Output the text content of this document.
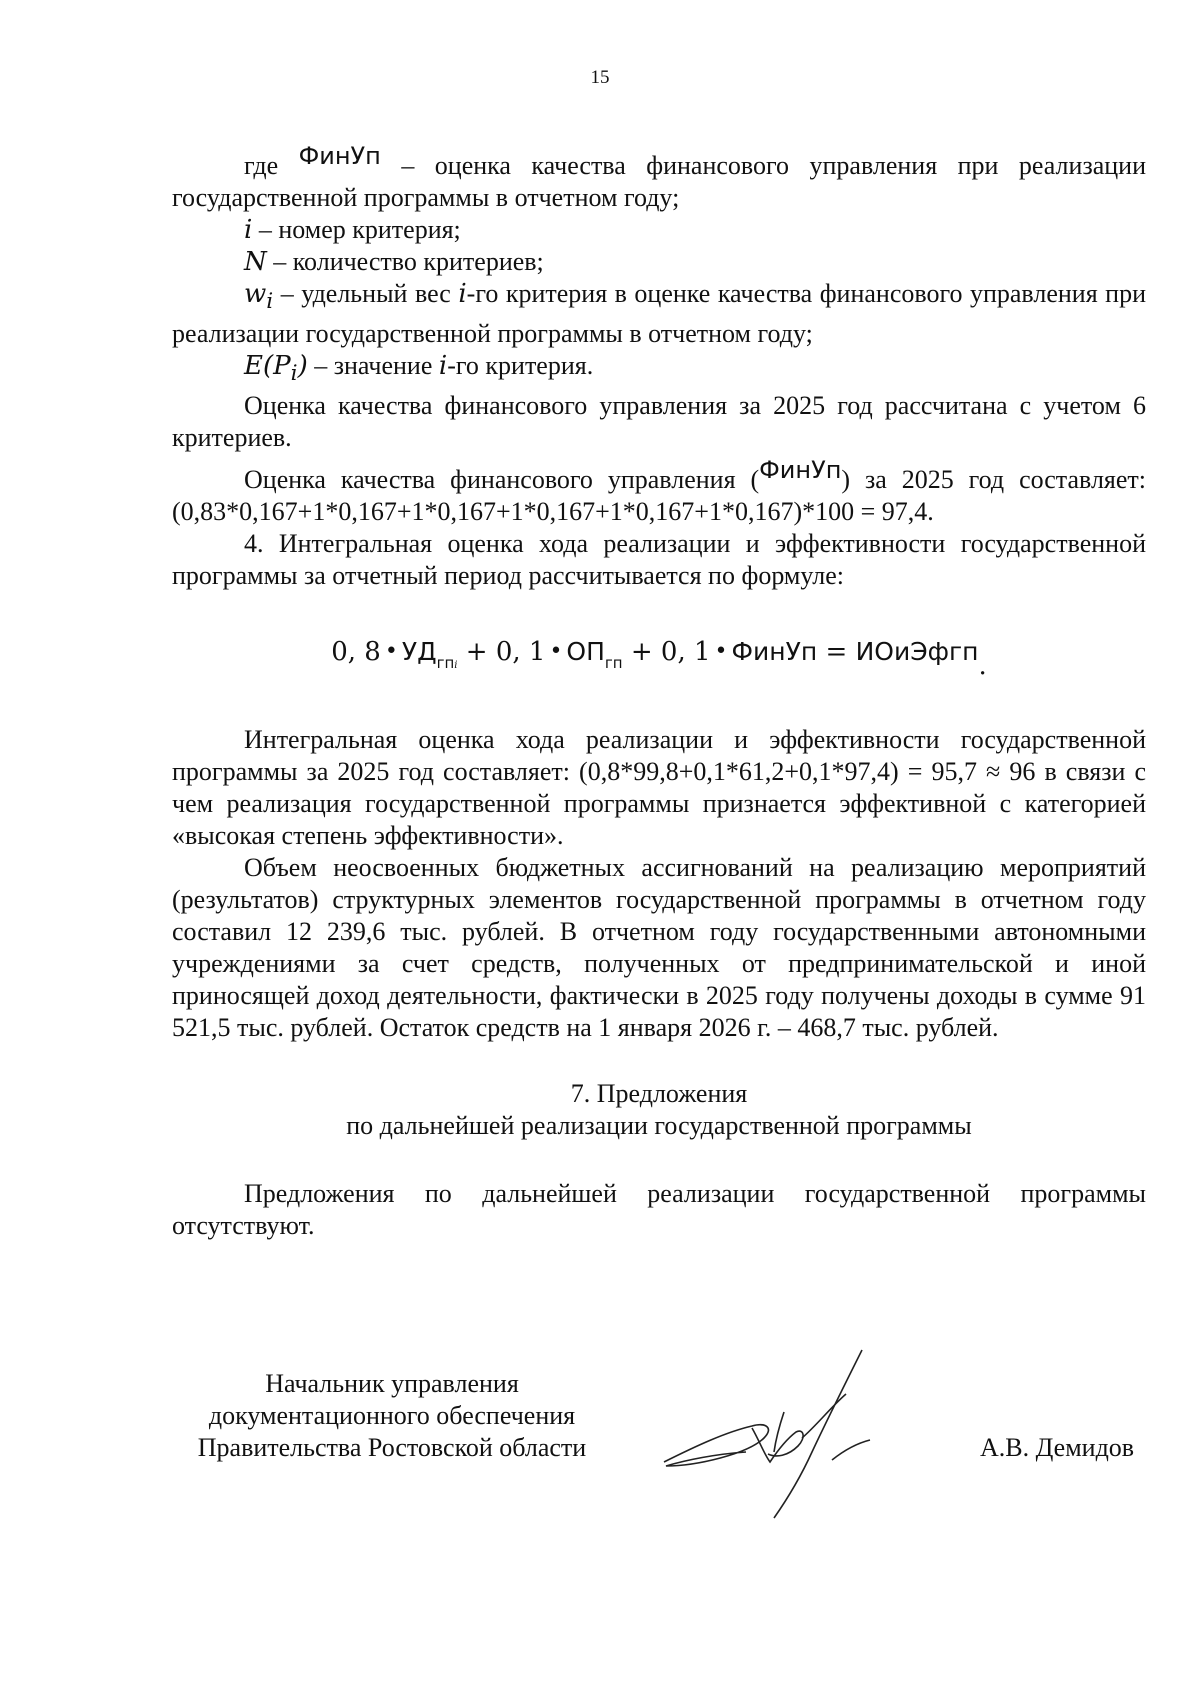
15

где ФинУп – оценка качества финансового управления при реализации государственной программы в отчетном году;

i – номер критерия;

N – количество критериев;

$w_i$ – удельный вес i-го критерия в оценке качества финансового управления при реализации государственной программы в отчетном году;

$E(P_i)$ – значение i-го критерия.

Оценка качества финансового управления за 2025 год рассчитана с учетом 6 критериев.

Оценка качества финансового управления (ФинУп) за 2025 год составляет: (0,83*0,167+1*0,167+1*0,167+1*0,167+1*0,167+1*0,167)*100 = 97,4.

4. Интегральная оценка хода реализации и эффективности государственной программы за отчетный период рассчитывается по формуле:

0, 8 • $УД_{гпi} + 0$, 1 • $ОП_{гп} + 0$, 1 • ФинУп = ИОиЭфгп.

Интегральная оценка хода реализации и эффективности государственной программы за 2025 год составляет: (0,8*99,8+0,1*61,2+0,1*97,4) = 95,7 ≈ 96 в связи с чем реализация государственной программы признается эффективной с категорией «высокая степень эффективности».

Объем неосвоенных бюджетных ассигнований на реализацию мероприятий (результатов) структурных элементов государственной программы в отчетном году составил 12 239,6 тыс. рублей. В отчетном году государственными автономными учреждениями за счет средств, полученных от предпринимательской и иной приносящей доход деятельности, фактически в 2025 году получены доходы в сумме 91 521,5 тыс. рублей. Остаток средств на 1 января 2026 г. – 468,7 тыс. рублей.

7. Предложения
по дальнейшей реализации государственной программы

Предложения по дальнейшей реализации государственной программы отсутствуют.

Начальник управления
документационного обеспечения
Правительства Ростовской области	А.В. Демидов
